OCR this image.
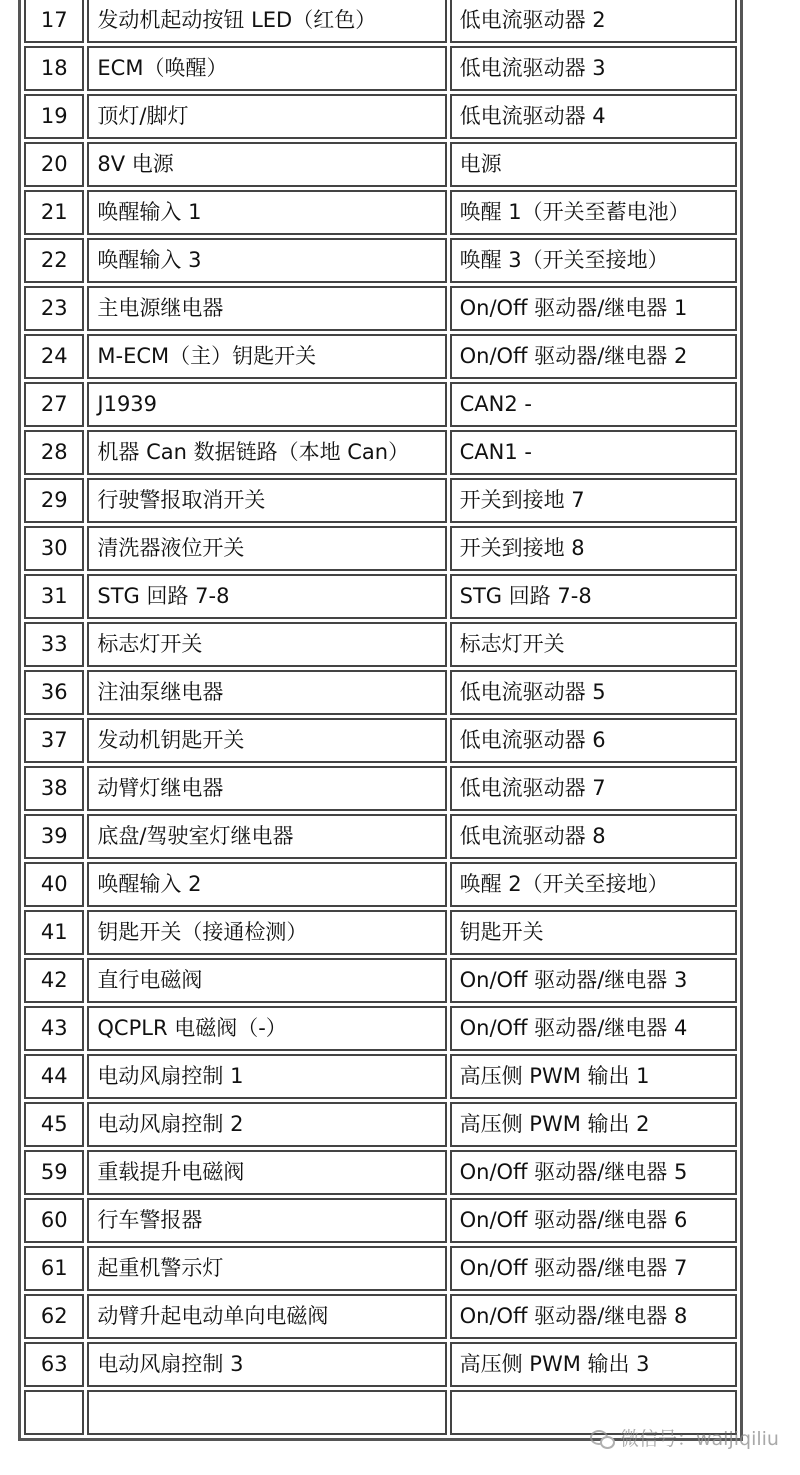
17	发动机起动按钮 LED（红色）	低电流驱动器 2
18	ECM（唤醒）	低电流驱动器 3
19	顶灯/脚灯	低电流驱动器 4
20	8V 电源	电源
21	唤醒输入 1	唤醒 1（开关至蓄电池）
22	唤醒输入 3	唤醒 3（开关至接地）
23	主电源继电器	On/Off 驱动器/继电器 1
24	M-ECM（主）钥匙开关	On/Off 驱动器/继电器 2
27	J1939	CAN2 -
28	机器 Can 数据链路（本地 Can）	CAN1 -
29	行驶警报取消开关	开关到接地 7
30	清洗器液位开关	开关到接地 8
31	STG 回路 7-8	STG 回路 7-8
33	标志灯开关	标志灯开关
36	注油泵继电器	低电流驱动器 5
37	发动机钥匙开关	低电流驱动器 6
38	动臂灯继电器	低电流驱动器 7
39	底盘/驾驶室灯继电器	低电流驱动器 8
40	唤醒输入 2	唤醒 2（开关至接地）
41	钥匙开关（接通检测）	钥匙开关
42	直行电磁阀	On/Off 驱动器/继电器 3
43	QCPLR 电磁阀（-）	On/Off 驱动器/继电器 4
44	电动风扇控制 1	高压侧 PWM 输出 1
45	电动风扇控制 2	高压侧 PWM 输出 2
59	重载提升电磁阀	On/Off 驱动器/继电器 5
60	行车警报器	On/Off 驱动器/继电器 6
61	起重机警示灯	On/Off 驱动器/继电器 7
62	动臂升起电动单向电磁阀	On/Off 驱动器/继电器 8
63	电动风扇控制 3	高压侧 PWM 输出 3

微信号：waijiqiliu
